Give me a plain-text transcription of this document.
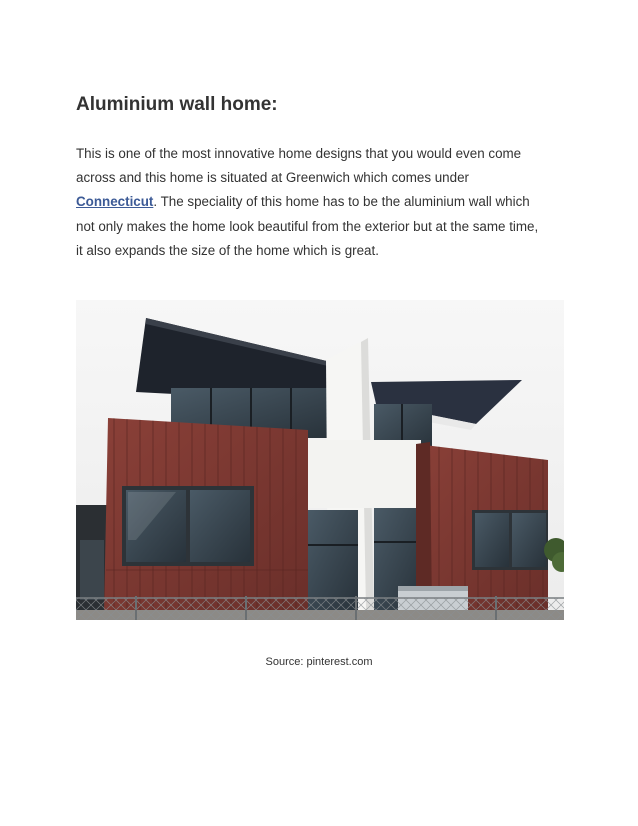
Aluminium wall home:

This is one of the most innovative home designs that you would even come
across and this home is situated at Greenwich which comes under
Connecticut. The speciality of this home has to be the aluminium wall which
not only makes the home look beautiful from the exterior but at the same time,
it also expands the size of the home which is great.

Source: pinterest.com
